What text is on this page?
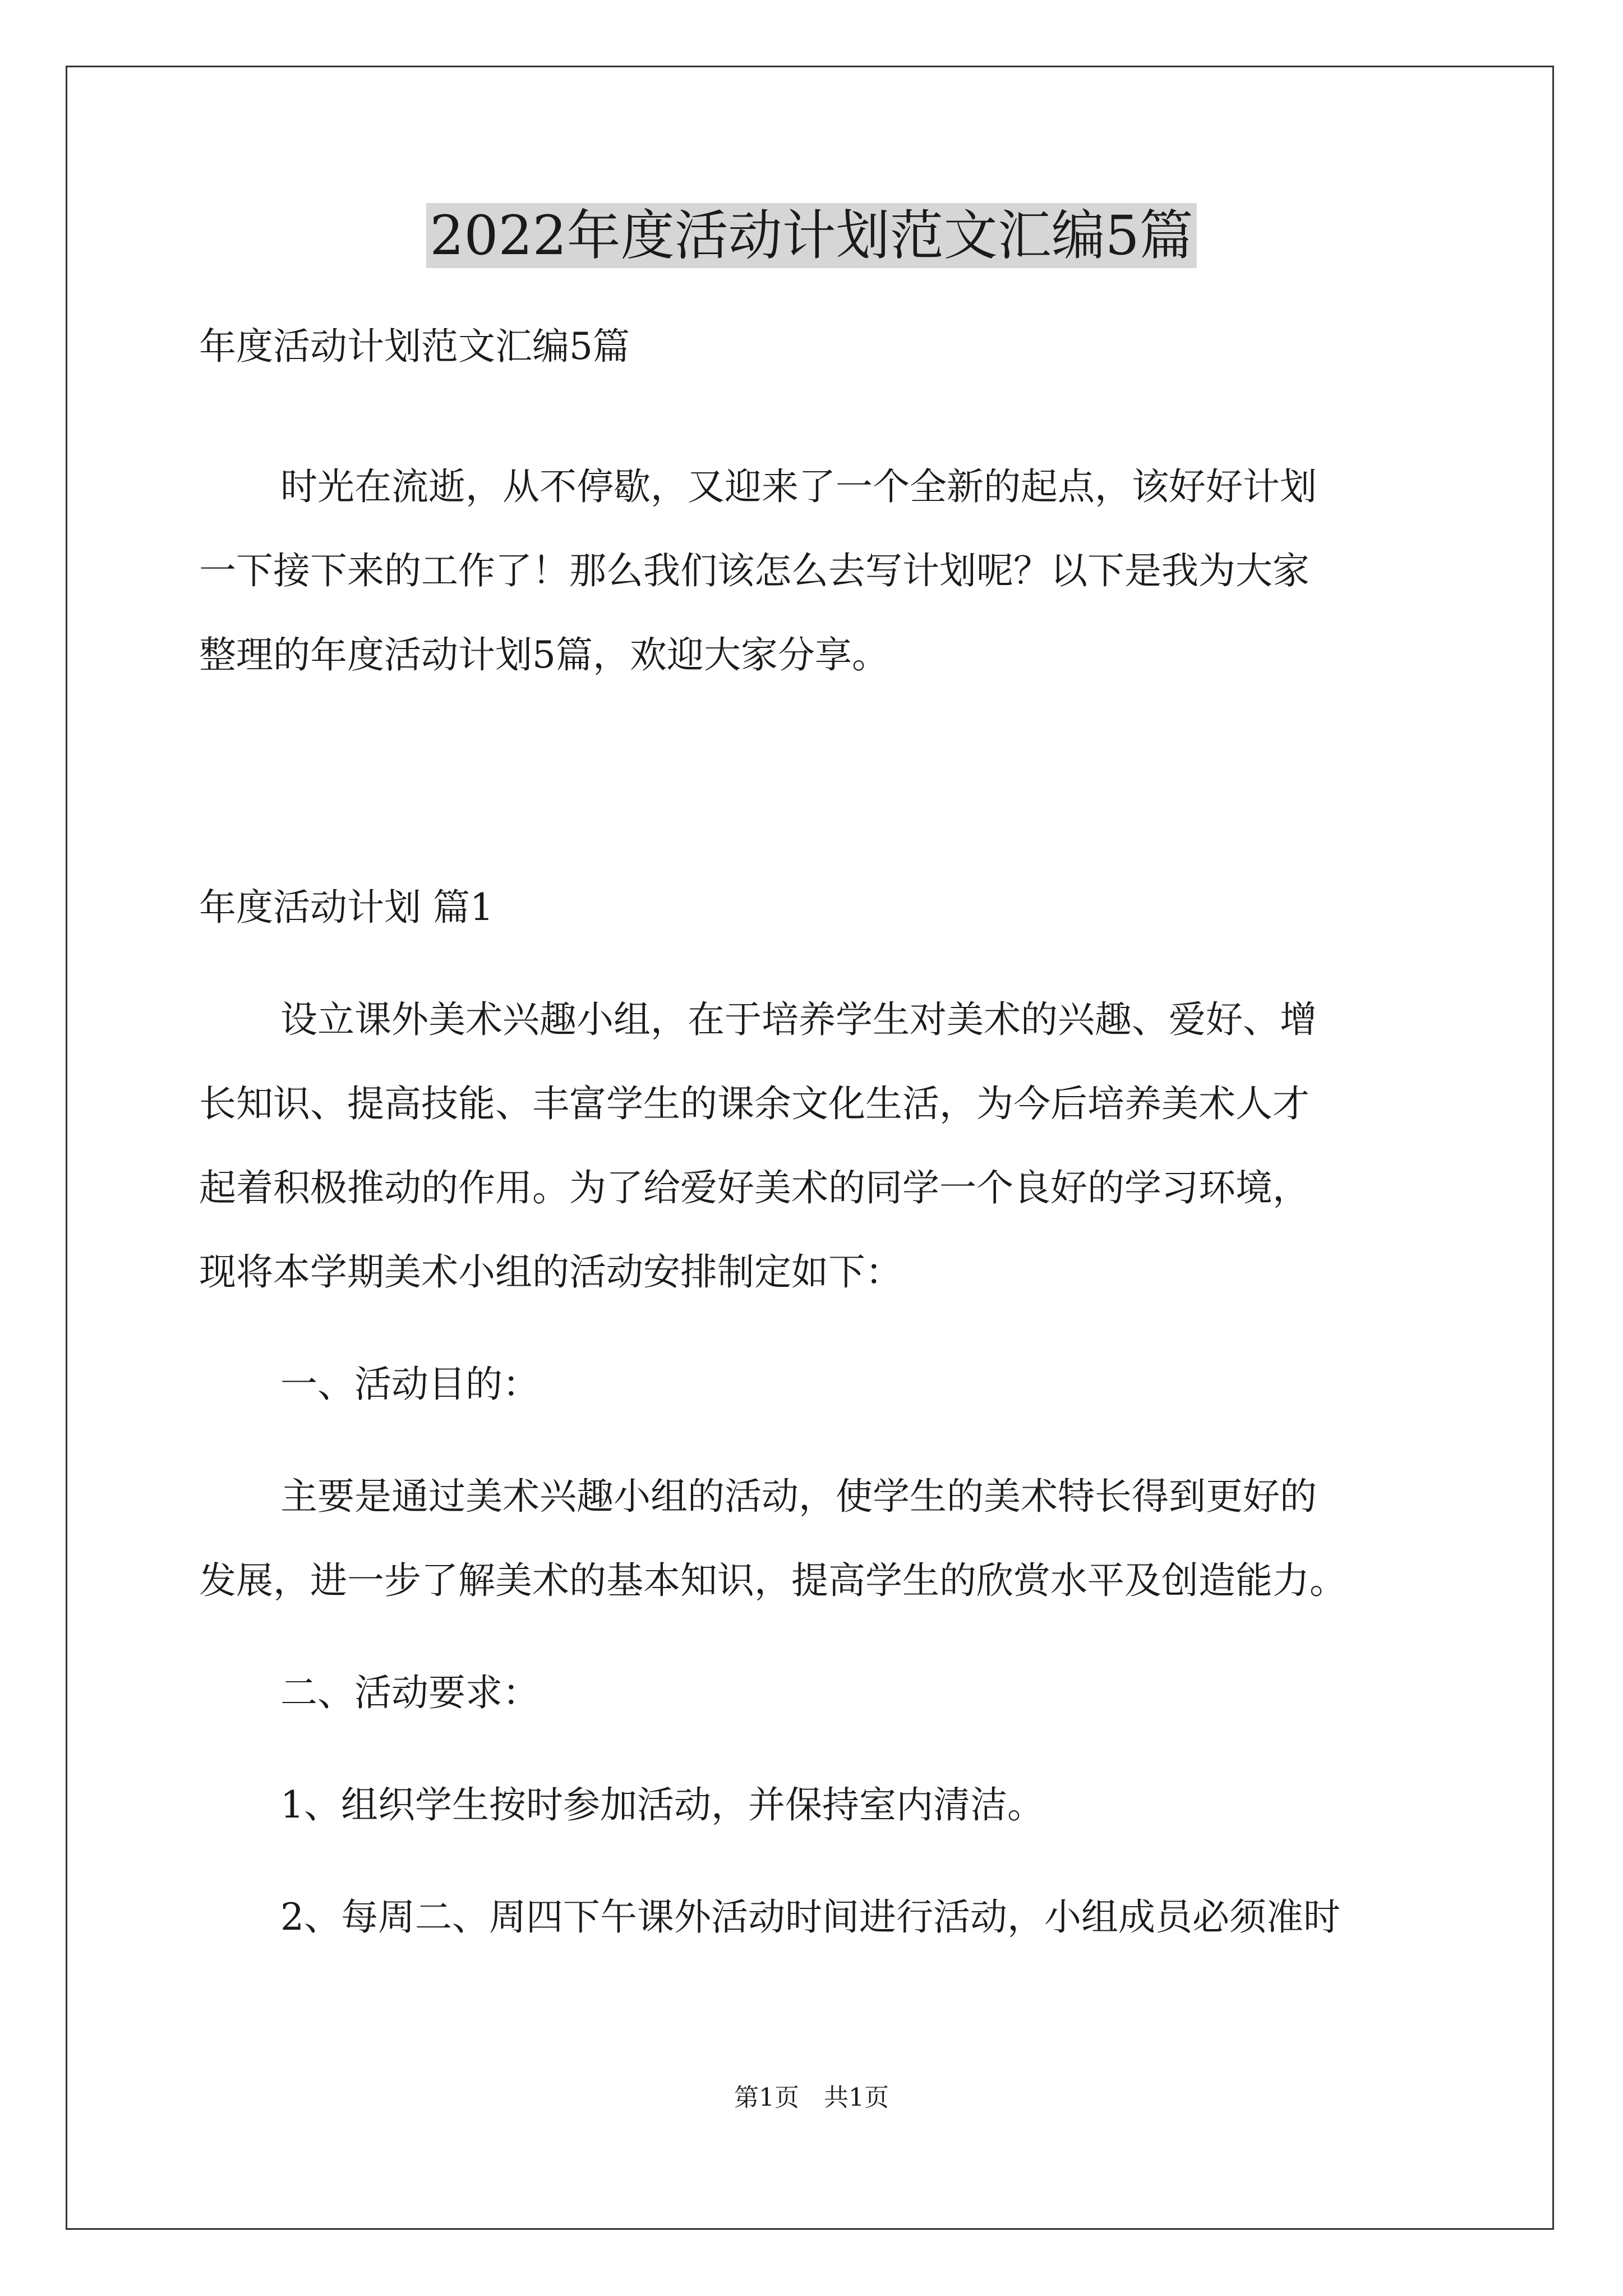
2022年度活动计划范文汇编5篇

年度活动计划范文汇编5篇

时光在流逝，从不停歇，又迎来了一个全新的起点，该好好计划

一下接下来的工作了！那么我们该怎么去写计划呢？以下是我为大家

整理的年度活动计划5篇，欢迎大家分享。

年度活动计划 篇1

设立课外美术兴趣小组，在于培养学生对美术的兴趣、爱好、增

长知识、提高技能、丰富学生的课余文化生活，为今后培养美术人才

起着积极推动的作用。为了给爱好美术的同学一个良好的学习环境，

现将本学期美术小组的活动安排制定如下：

一、活动目的：

主要是通过美术兴趣小组的活动，使学生的美术特长得到更好的

发展，进一步了解美术的基本知识，提高学生的欣赏水平及创造能力。

二、活动要求：

1、组织学生按时参加活动，并保持室内清洁。

2、每周二、周四下午课外活动时间进行活动，小组成员必须准时

第1页　共1页
